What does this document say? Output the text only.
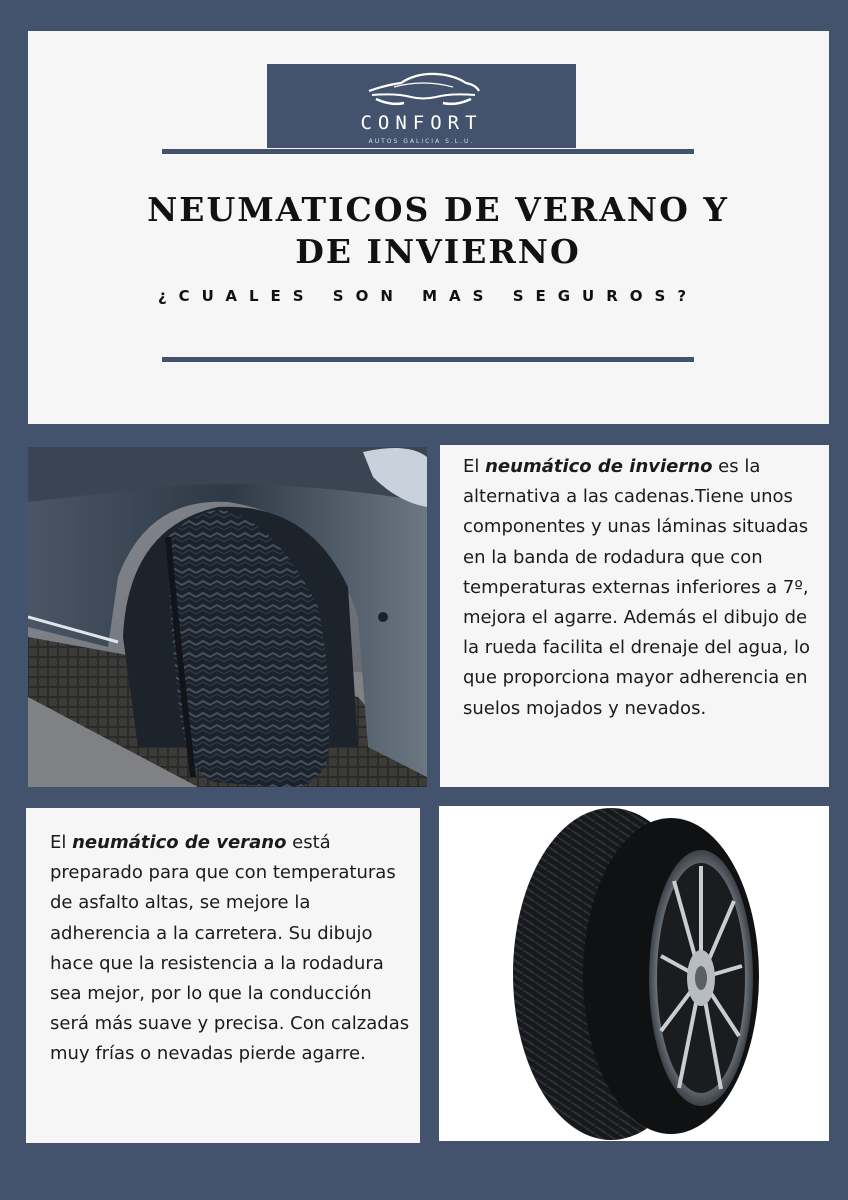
CONFORT
AUTOS GALICIA S.L.U.
NEUMATICOS DE VERANO Y DE INVIERNO
¿CUALES SON MAS SEGUROS?

El neumático de invierno es la alternativa a las cadenas.Tiene unos componentes y unas láminas situadas en la banda de rodadura que con temperaturas externas inferiores a 7º, mejora el agarre. Además el dibujo de la rueda facilita el drenaje del agua, lo que proporciona mayor adherencia en suelos mojados y nevados.

El neumático de verano está preparado para que con temperaturas de asfalto altas, se mejore la adherencia a la carretera. Su dibujo hace que la resistencia a la rodadura sea mejor, por lo que la conducción será más suave y precisa. Con calzadas muy frías o nevadas pierde agarre.
